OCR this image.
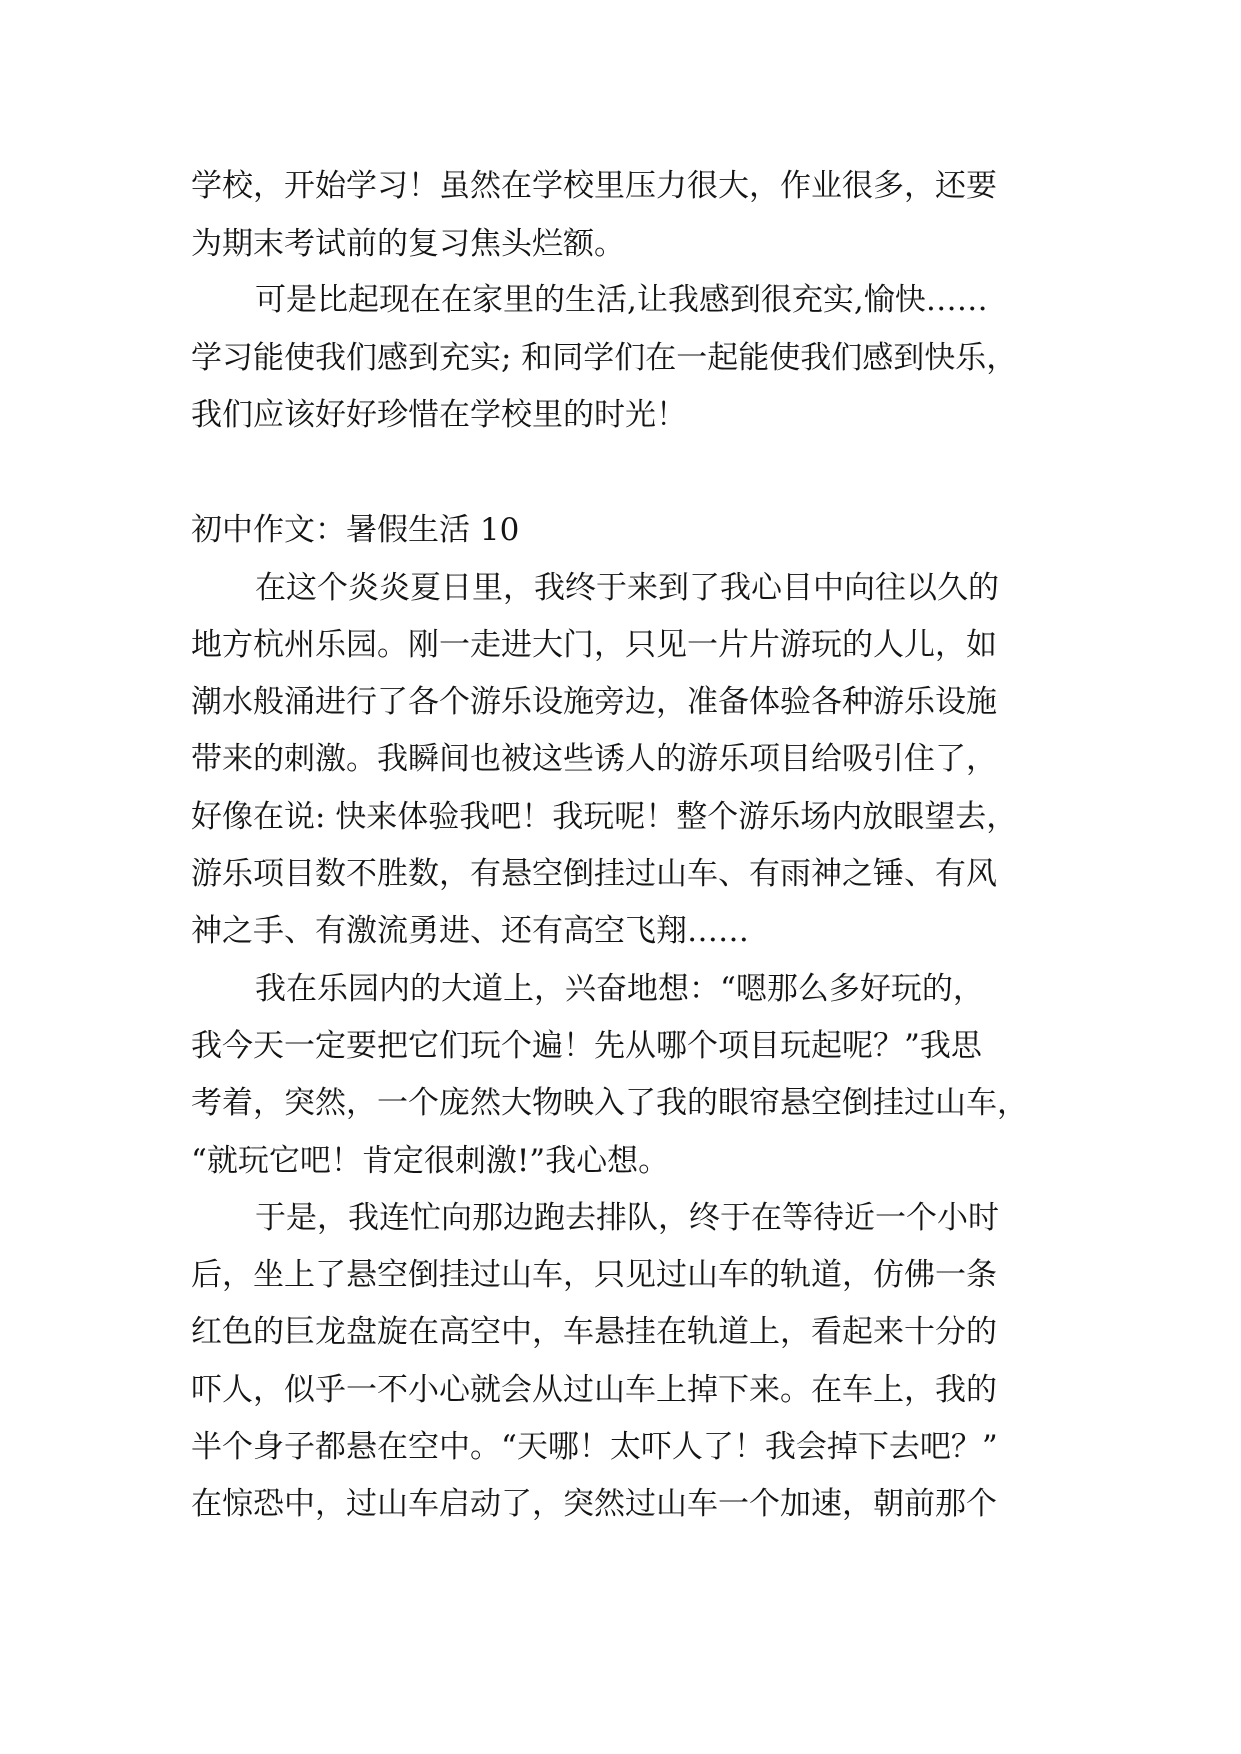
学校，开始学习！虽然在学校里压力很大，作业很多，还要

为期末考试前的复习焦头烂额。

可是比起现在在家里的生活,让我感到很充实,愉快……

学习能使我们感到充实; 和同学们在一起能使我们感到快乐，

我们应该好好珍惜在学校里的时光！

初中作文：暑假生活 10

在这个炎炎夏日里，我终于来到了我心目中向往以久的

地方杭州乐园。刚一走进大门，只见一片片游玩的人儿，如

潮水般涌进行了各个游乐设施旁边，准备体验各种游乐设施

带来的刺激。我瞬间也被这些诱人的游乐项目给吸引住了，

好像在说: 快来体验我吧！我玩呢！整个游乐场内放眼望去，

游乐项目数不胜数，有悬空倒挂过山车、有雨神之锤、有风

神之手、有激流勇进、还有高空飞翔……

我在乐园内的大道上，兴奋地想：“嗯那么多好玩的，

我今天一定要把它们玩个遍！先从哪个项目玩起呢？”我思

考着，突然，一个庞然大物映入了我的眼帘悬空倒挂过山车，

“就玩它吧！肯定很刺激!”我心想。

于是，我连忙向那边跑去排队，终于在等待近一个小时

后，坐上了悬空倒挂过山车，只见过山车的轨道，仿佛一条

红色的巨龙盘旋在高空中，车悬挂在轨道上，看起来十分的

吓人，似乎一不小心就会从过山车上掉下来。在车上，我的

半个身子都悬在空中。“天哪！太吓人了！我会掉下去吧？”

在惊恐中，过山车启动了，突然过山车一个加速，朝前那个
